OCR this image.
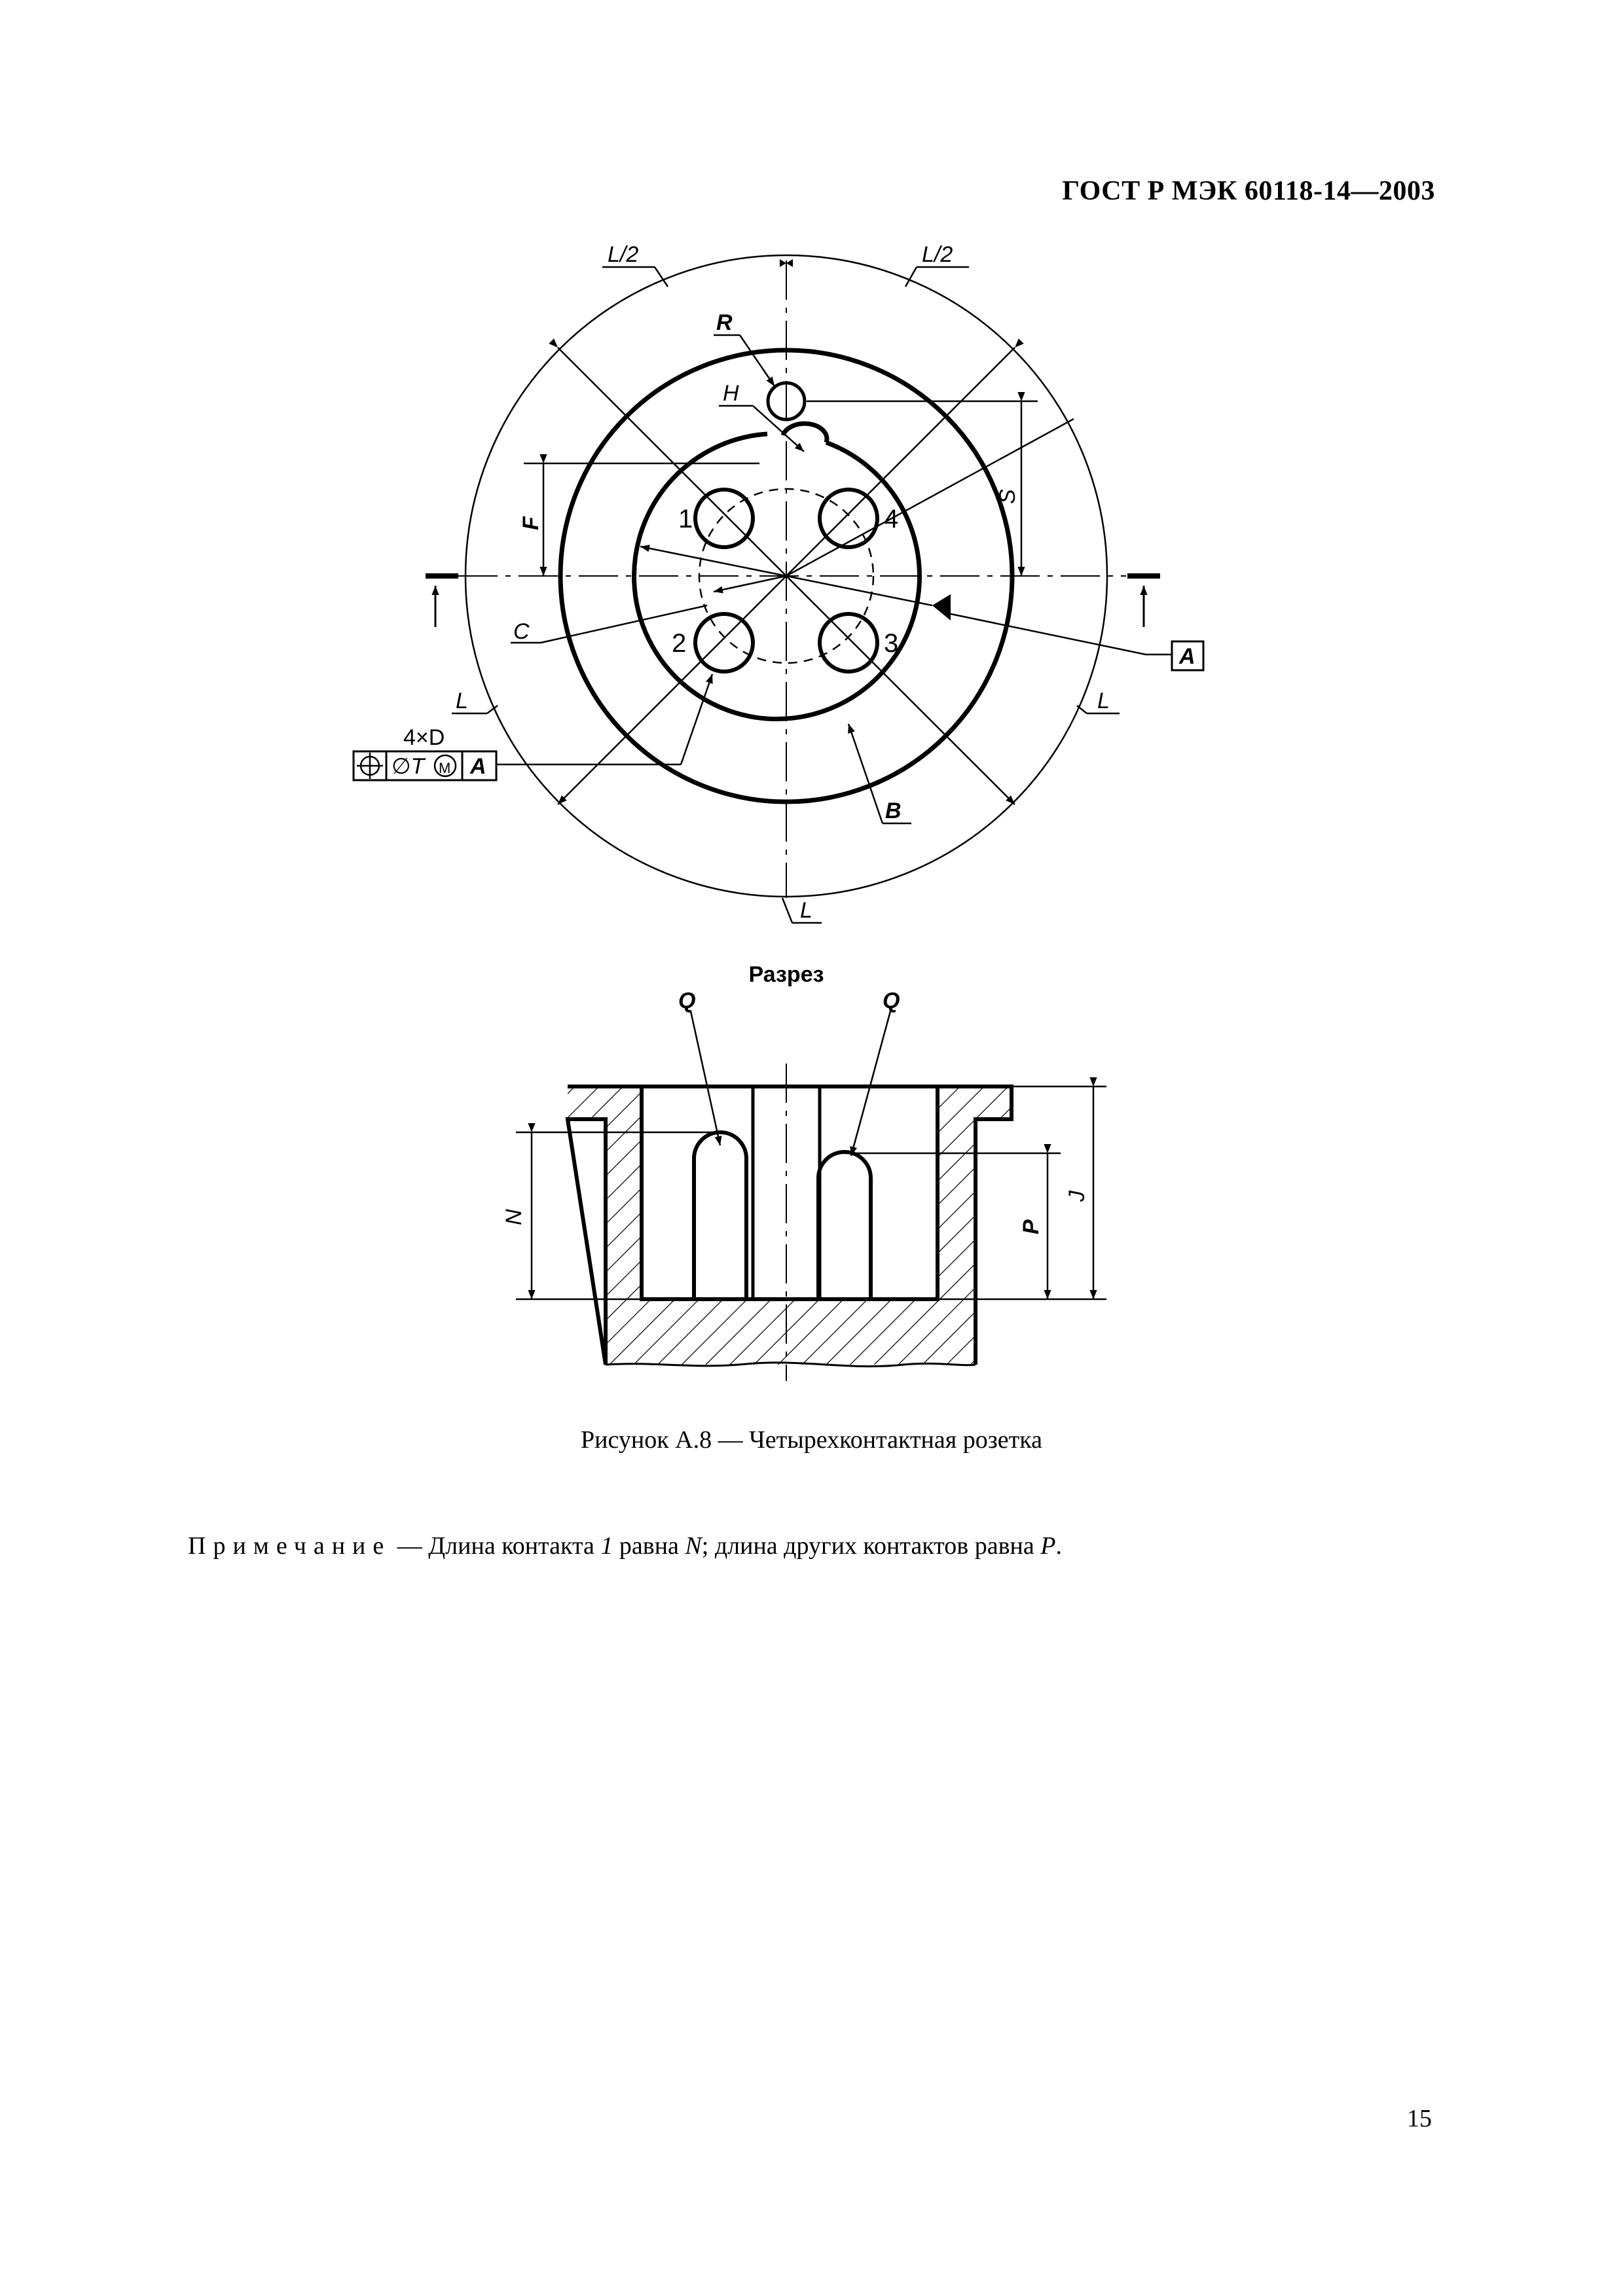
ГОСТ Р МЭК 60118-14—2003
L/2	L/2
R
H
S
F
C
L	L
L
B
A
4×D
1	4
2	3
∅T M A
Разрез
Q	Q
N
P
J
Рисунок А.8 — Четырехконтактная розетка
Примечание — Длина контакта 1 равна N; длина других контактов равна P.
15
